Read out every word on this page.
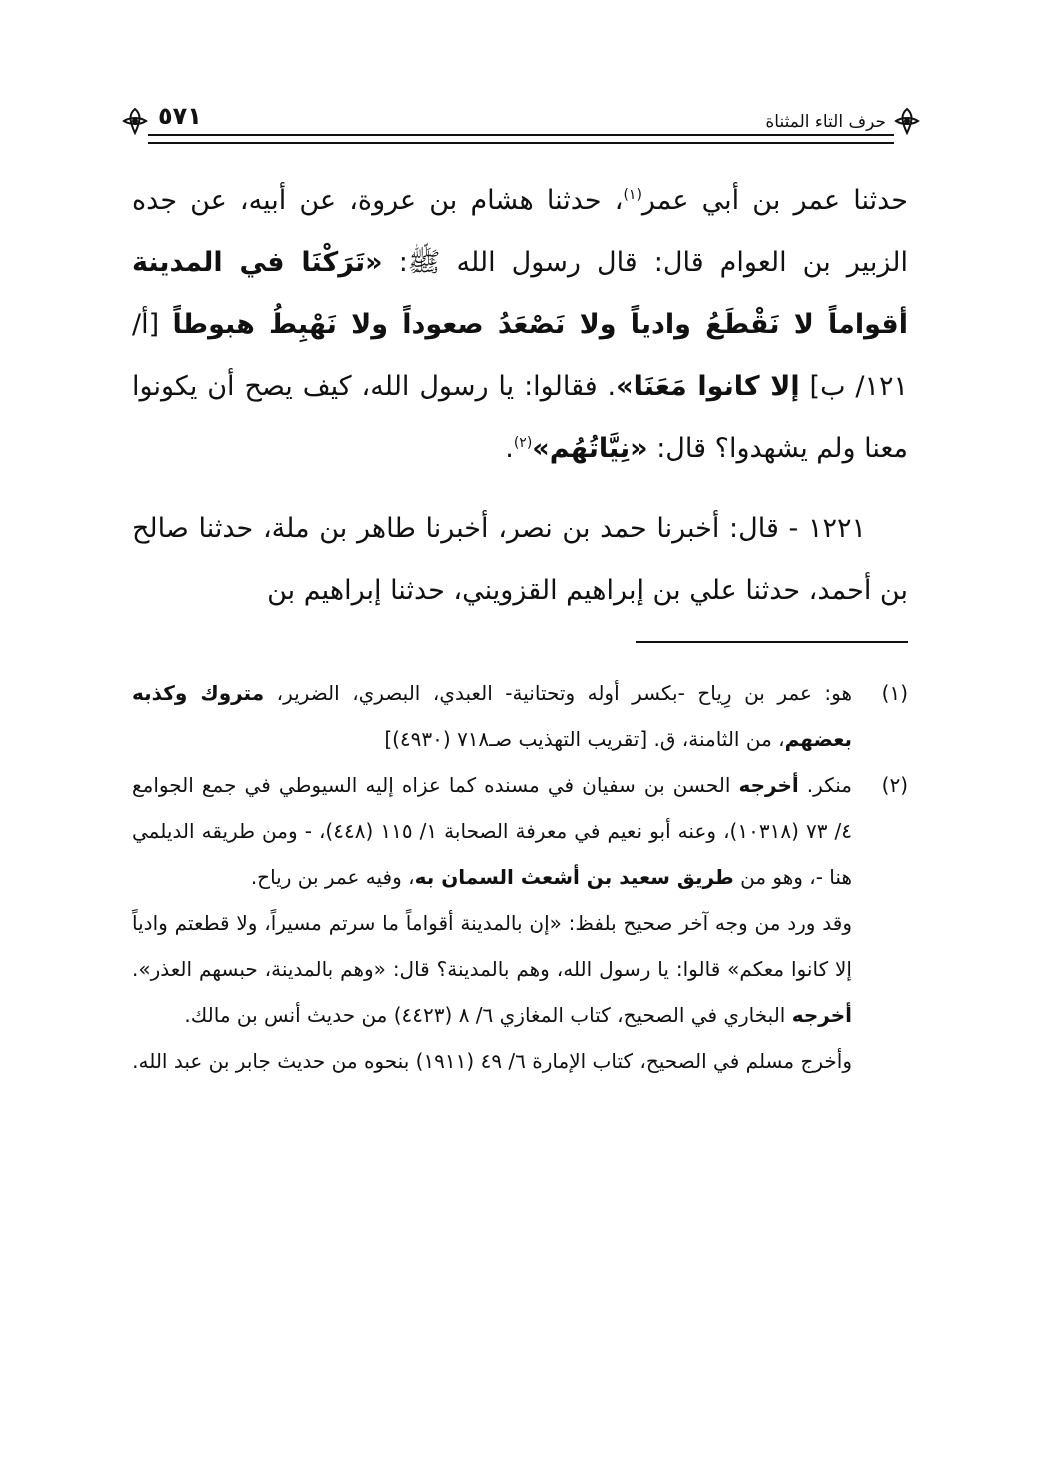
حرف التاء المثناة
٥٧١

حدثنا عمر بن أبي عمر$^{(١)}$، حدثنا هشام بن عروة، عن أبيه، عن جده الزبير بن العوام قال: قال رسول الله ﷺ: «تَرَكْنَا في المدينة أقواماً لا نَقْطَعُ وادياً ولا نَصْعَدُ صعوداً ولا نَهْبِطُ هبوطاً [أ/ ١٢١/ ب] إلا كانوا مَعَنَا». فقالوا: يا رسول الله، كيف يصح أن يكونوا معنا ولم يشهدوا؟ قال: «نِيَّاتُهُم»$^{(٢)}$.

١٢٢١ - قال: أخبرنا حمد بن نصر، أخبرنا طاهر بن ملة، حدثنا صالح بن أحمد، حدثنا علي بن إبراهيم القزويني، حدثنا إبراهيم بن

(١)
هو: عمر بن رِياح -بكسر أوله وتحتانية- العبدي، البصري، الضرير، متروك وكذبه بعضهم، من الثامنة، ق. [تقريب التهذيب صـ٧١٨ (٤٩٣٠)]
(٢)

منكر. أخرجه الحسن بن سفيان في مسنده كما عزاه إليه السيوطي في جمع الجوامع ٤/ ٧٣ (١٠٣١٨)، وعنه أبو نعيم في معرفة الصحابة ١/ ١١٥ (٤٤٨)، - ومن طريقه الديلمي هنا -، وهو من طريق سعيد بن أشعث السمان به، وفيه عمر بن رياح.

وقد ورد من وجه آخر صحيح بلفظ: «إن بالمدينة أقواماً ما سرتم مسيراً، ولا قطعتم وادياً إلا كانوا معكم» قالوا: يا رسول الله، وهم بالمدينة؟ قال: «وهم بالمدينة، حبسهم العذر». أخرجه البخاري في الصحيح، كتاب المغازي ٦/ ٨ (٤٤٢٣) من حديث أنس بن مالك.

وأخرج مسلم في الصحيح، كتاب الإمارة ٦/ ٤٩ (١٩١١) بنحوه من حديث جابر بن عبد الله.
